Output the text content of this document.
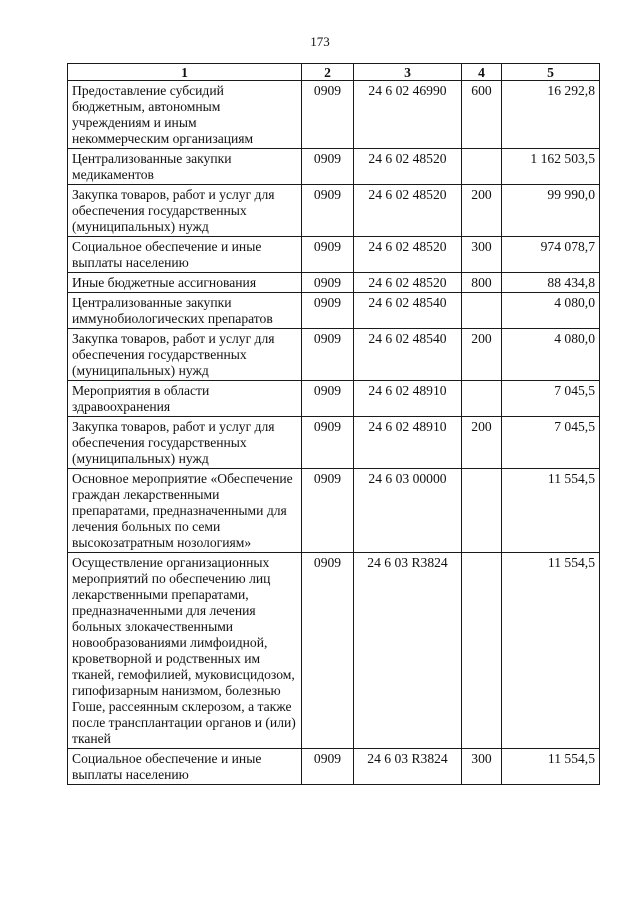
173
1	2	3	4	5
Предоставление субсидий бюджетным, автономным учреждениям и иным некоммерческим организациям	0909	24 6 02 46990	600	16 292,8
Централизованные закупки медикаментов	0909	24 6 02 48520		1 162 503,5
Закупка товаров, работ и услуг для обеспечения государственных (муниципальных) нужд	0909	24 6 02 48520	200	99 990,0
Социальное обеспечение и иные выплаты населению	0909	24 6 02 48520	300	974 078,7
Иные бюджетные ассигнования	0909	24 6 02 48520	800	88 434,8
Централизованные закупки иммунобиологических препаратов	0909	24 6 02 48540		4 080,0
Закупка товаров, работ и услуг для обеспечения государственных (муниципальных) нужд	0909	24 6 02 48540	200	4 080,0
Мероприятия в области здравоохранения	0909	24 6 02 48910		7 045,5
Закупка товаров, работ и услуг для обеспечения государственных (муниципальных) нужд	0909	24 6 02 48910	200	7 045,5
Основное мероприятие «Обеспечение граждан лекарственными препаратами, предназначенными для лечения больных по семи высокозатратным нозологиям»	0909	24 6 03 00000		11 554,5
Осуществление организационных мероприятий по обеспечению лиц лекарственными препаратами, предназначенными для лечения больных злокачественными новообразованиями лимфоидной, кроветворной и родственных им тканей, гемофилией, муковисцидозом, гипофизарным нанизмом, болезнью Гоше, рассеянным склерозом, а также после трансплантации органов и (или) тканей	0909	24 6 03 R3824		11 554,5
Социальное обеспечение и иные выплаты населению	0909	24 6 03 R3824	300	11 554,5
